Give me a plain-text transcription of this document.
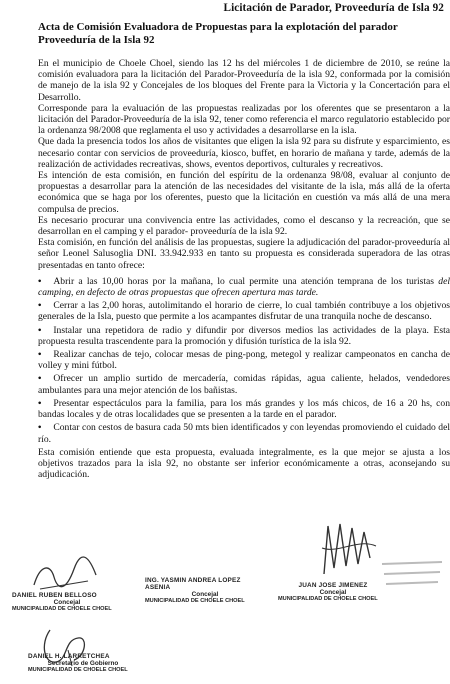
Licitación de Parador, Proveeduría de Isla 92
Acta de Comisión Evaluadora de Propuestas para la explotación del parador Proveeduría de la Isla 92

En el municipio de Choele Choel, siendo las 12 hs del miércoles 1 de diciembre de 2010, se reúne la comisión evaluadora para la licitación del Parador-Proveeduría de la isla 92, conformada por la comisión de manejo de la isla 92 y Concejales de los bloques del Frente para la Victoria y la Concertación para el Desarrollo.

Corresponde para la evaluación de las propuestas realizadas por los oferentes que se presentaron a la licitación del Parador-Proveeduría de la isla 92, tener como referencia el marco regulatorio establecido por la ordenanza 98/2008 que reglamenta el uso y actividades a desarrollarse en la isla.

Que dada la presencia todos los años de visitantes que eligen la isla 92 para su disfrute y esparcimiento, es necesario contar con servicios de proveeduría, kiosco, buffet, en horario de mañana y tarde, además de la realización de actividades recreativas, shows, eventos deportivos, culturales y recreativos.

Es intención de esta comisión, en función del espíritu de la ordenanza 98/08, evaluar al conjunto de propuestas a desarrollar para la atención de las necesidades del visitante de la isla, más allá de la oferta económica que se haga por los oferentes, puesto que la licitación en cuestión va más allá de una mera compulsa de precios.

Es necesario procurar una convivencia entre las actividades, como el descanso y la recreación, que se desarrollan en el camping y el parador- proveeduría de la isla 92.

Esta comisión, en función del análisis de las propuestas, sugiere la adjudicación del parador-proveeduría al señor Leonel Salusoglia DNI. 33.942.933 en tanto su propuesta es considerada superadora de las otras presentadas en tanto ofrece:

• Abrir a las 10,00 horas por la mañana, lo cual permite una atención temprana de los turistas del camping, en defecto de otras propuestas que ofrecen apertura mas tarde.
• Cerrar a las 2,00 horas, autolimitando el horario de cierre, lo cual también contribuye a los objetivos generales de la Isla, puesto que permite a los acampantes disfrutar de una tranquila noche de descanso.
• Instalar una repetidora de radio y difundir por diversos medios las actividades de la playa. Esta propuesta resulta trascendente para la promoción y difusión turística de la isla 92.
• Realizar canchas de tejo, colocar mesas de ping-pong, metegol y realizar campeonatos en cancha de volley y mini fútbol.
• Ofrecer un amplio surtido de mercadería, comidas rápidas, agua caliente, helados, vendedores ambulantes para una mejor atención de los bañistas.
• Presentar espectáculos para la familia, para los más grandes y los más chicos, de 16 a 20 hs, con bandas locales y de otras localidades que se presenten a la tarde en el parador.
• Contar con cestos de basura cada 50 mts bien identificados y con leyendas promoviendo el cuidado del río.

Esta comisión entiende que esta propuesta, evaluada integralmente, es la que mejor se ajusta a los objetivos trazados para la isla 92, no obstante ser inferior económicamente a otras, aconsejando su adjudicación.

DANIEL RUBEN BELLOSO
Concejal
MUNICIPALIDAD DE CHOELE CHOEL
ING. YASMIN ANDREA LOPEZ ASENIA
Concejal
MUNICIPALIDAD DE CHOELE CHOEL
JUAN JOSE JIMENEZ
Concejal
MUNICIPALIDAD DE CHOELE CHOEL
DANIEL H. LARRETCHEA
Secretario de Gobierno
MUNICIPALIDAD DE CHOELE CHOEL
